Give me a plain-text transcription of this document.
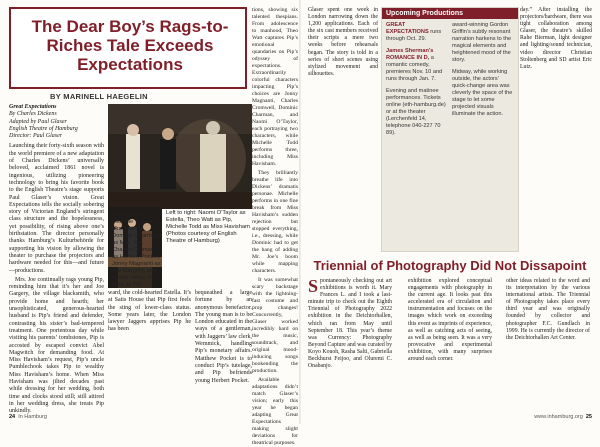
The Dear Boy’s Rags-to-Riches Tale Exceeds Expectations
BY MARINELL HAEGELIN
Great Expectations
By Charles Dickens
Adapted by Paul Glaser
English Theatre of Hamburg
Director: Paul Glaser

Launching their forty-sixth season with the world premiere of a new adaptation of Charles Dickens’ universally beloved, acclaimed 1861 novel is ingenious, utilizing pioneering technology to bring his favorite book to the English Theatre’s stage supports Paul Glaser’s vision. Great Expectations tells the socially sobering story of Victorian England’s stringent class structure and the hopelessness, yet possibility, of rising above one’s birthstation. The director personally thanks Hamburg’s Kulturbehörde for supporting his vision by allowing the theater to purchase the projectors and hardware needed for this—and future—productions.

Mrs. Joe continually rags young Pip, reminding him that it’s her and Joe Gargery, the village blacksmith, who provide home and hearth; her unsophisticated, generous-hearted husband is Pip’s friend and defender, contrasting his sister’s bad-tempered treatment. One portentous day while visiting his parents’ tombstones, Pip is accosted by escaped convict Abel Magwitch for demanding food. At Miss Havisham’s request, Pip’s uncle Pumblechook takes Pip to wealthy Miss Havisham’s home. When Miss Havisham was jilted decades past while dressing for her wedding, both time and clocks stood still; still attired in her wedding dress, she treats Pip unkindly.

Left to right: Naomi O’Taylor as Estella, Theo Watt as Pip, Michelle Todd as Miss Havisham (Photos courtesy of English Theatre of Hamburg)
Left to right: Michelle Todd as Mrs. Hubble, Dominic Charman as Mrs. Joe, Charles Cromwell as Herbert Pocket, Jonny Magnanti as Joe Gargery, and (under table) Theo Watt as Pip

ward, the cold-hearted Estella. It’s at Satis House that Pip first feels the sting of lower-class status. Some years later, the London lawyer Jaggers apprises Pip he has been

bequeathed a large fortune by an anonymous benefactor. The young man is to be London educated in the ways of a gentleman, with Jaggers’ law clerk, Wemmick, handling Pip’s monetary affairs. Matthew Pocket is to conduct Pip’s tutelage, and Pip befriends young Herbert Pocket.

tions, showing six talented thespians. From adolescence to manhood, Theo Watt captures Pip’s emotional quandaries on Pip’s odyssey of expectations. Extraordinarily colorful characters impacting Pip’s choices are Jonny Magnanti, Charles Cromwell, Dominic Charman, and Naomi O’Taylor, each portraying two characters, while Michelle Todd performs three, including Miss Havisham.

They brilliantly breathe life into Dickens’ dramatis personae. Michelle performs in one fine break from Miss Havisham’s sudden rejection but stopped everything, i.e., dressing, while Dominic had to get the hang of adding Mr. Joe’s boom while mapping characters.

It was somewhat scary backstage with the lightning-fast costume and prop changes! Concurrently, Glaser worked incredibly hard on the music, soundtrack, and original mood-inducing songs bookending the production.

Available adaptations didn’t match Glaser’s vision; early this year he began adapting Great Expectations making slight deviations for theatrical purposes.

24 In Hamburg

Glaser spent one week in London narrowing down the 1,200 applications. Each of the six cast members received their scripts a mere two weeks before rehearsals began. The story is told in a series of short scenes using stylized movement and silhouettes.

Upcoming Productions
GREAT EXPECTATIONS runs through Oct. 29.
James Sherman’s ROMANCE IN D, a romantic comedy, premieres Nov. 10 and runs through Jan. 7.
Evening and matinee performances. Tickets online (eth-hamburg.de) or at the theater (Lerchenfeld 14, telephone 040-227 70 89).
award-winning Gordon Griffin’s subtly resonant narration harkens to the magical elements and heightened mood of the story.
Midway, while working outside, the actors’ quick-change area was cleverly the space of the stage to let some projected visuals illuminate the action.

day.” After installing the projectors/hardware, there was tight collaboration among Glaser, the theatre’s skilled Rahe Bierman, light designer and lighting/sound technician, video director Christian Stoltenberg and SD artist Eric Lutz.

Triennial of Photography Did Not Dissapoint
Spontaneously checking out art exhibitions is worth it. Mary Frances L. and I took a last-minute trip to check out the Eighth Triennial of Photography 2022 exhibition in the Deichtorhallen, which ran from May until September 18. This year’s theme was Currency: Photography Beyond Capture and was curated by Koyo Kouoh, Rasha Salti, Gabriella Beckhurst Feijoo, and Oluremi C. Onabanjo.
exhibition explored conceptual engagements with photography in the current age. It looks past this accelerated era of circulation and instrumentation and focuses on the images which work on exceeding this event as imprints of experience, as well as catching acts of seeing, as well as being seen. It was a very provocative and experimental exhibition, with many surprises around each corner.
other ideas related to the word and its interpretation by the various international artists. The Triennial of Photography takes place every third year and was originally founded by collector and photographer F.C. Gundlach in 1999. He is currently the director of the Deichtorhallen Art Center.
www.inhamburg.org 25
